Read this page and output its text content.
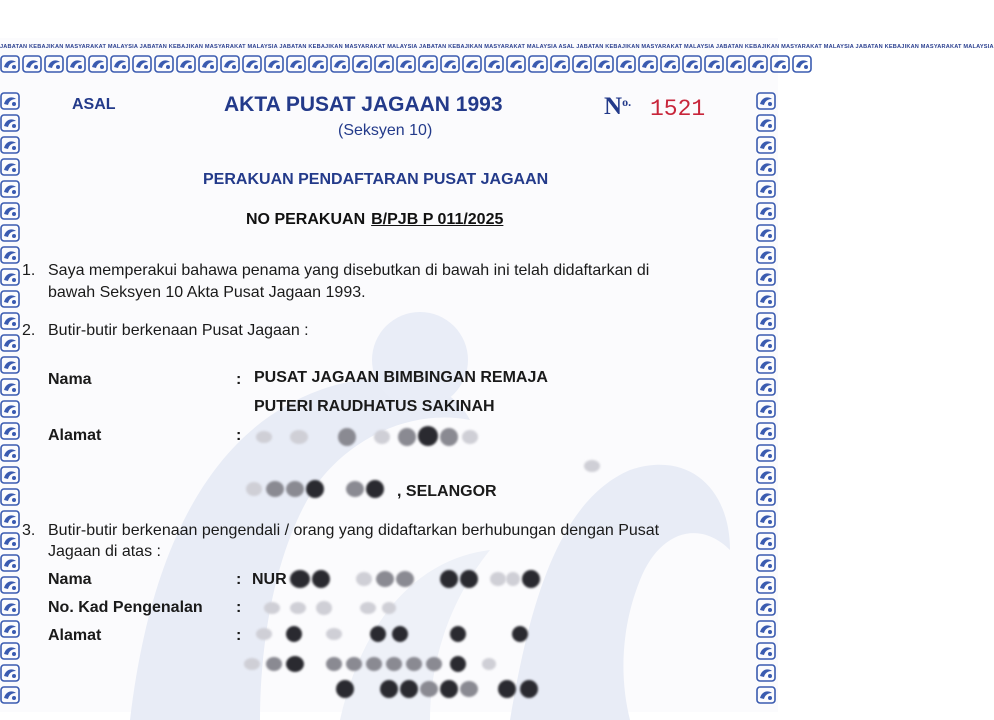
JABATAN KEBAJIKAN MASYARAKAT MALAYSIA JABATAN KEBAJIKAN MASYARAKAT MALAYSIA JABATAN KEBAJIKAN MASYARAKAT MALAYSIA JABATAN KEBAJIKAN MASYARAKAT MALAYSIA ASAL JABATAN KEBAJIKAN MASYARAKAT MALAYSIA JABATAN KEBAJIKAN MASYARAKAT MALAYSIA JABATAN KEBAJIKAN MASYARAKAT MALAYSIA
ASAL	AKTA PUSAT JAGAAN 1993
(Seksyen 10)
$N^{o.}$ 1521
PERAKUAN PENDAFTARAN PUSAT JAGAAN
NO PERAKUAN B/PJB P 011/2025
1. Saya memperakui bahawa penama yang disebutkan di bawah ini telah didaftarkan di
bawah Seksyen 10 Akta Pusat Jagaan 1993.
2. Butir-butir berkenaan Pusat Jagaan :
Nama	: PUSAT JAGAAN BIMBINGAN REMAJA
PUTERI RAUDHATUS SAKINAH
Alamat	:
, SELANGOR
3. Butir-butir berkenaan pengendali / orang yang didaftarkan berhubungan dengan Pusat
Jagaan di atas :
Nama	: NUR
No. Kad Pengenalan :
Alamat	:
